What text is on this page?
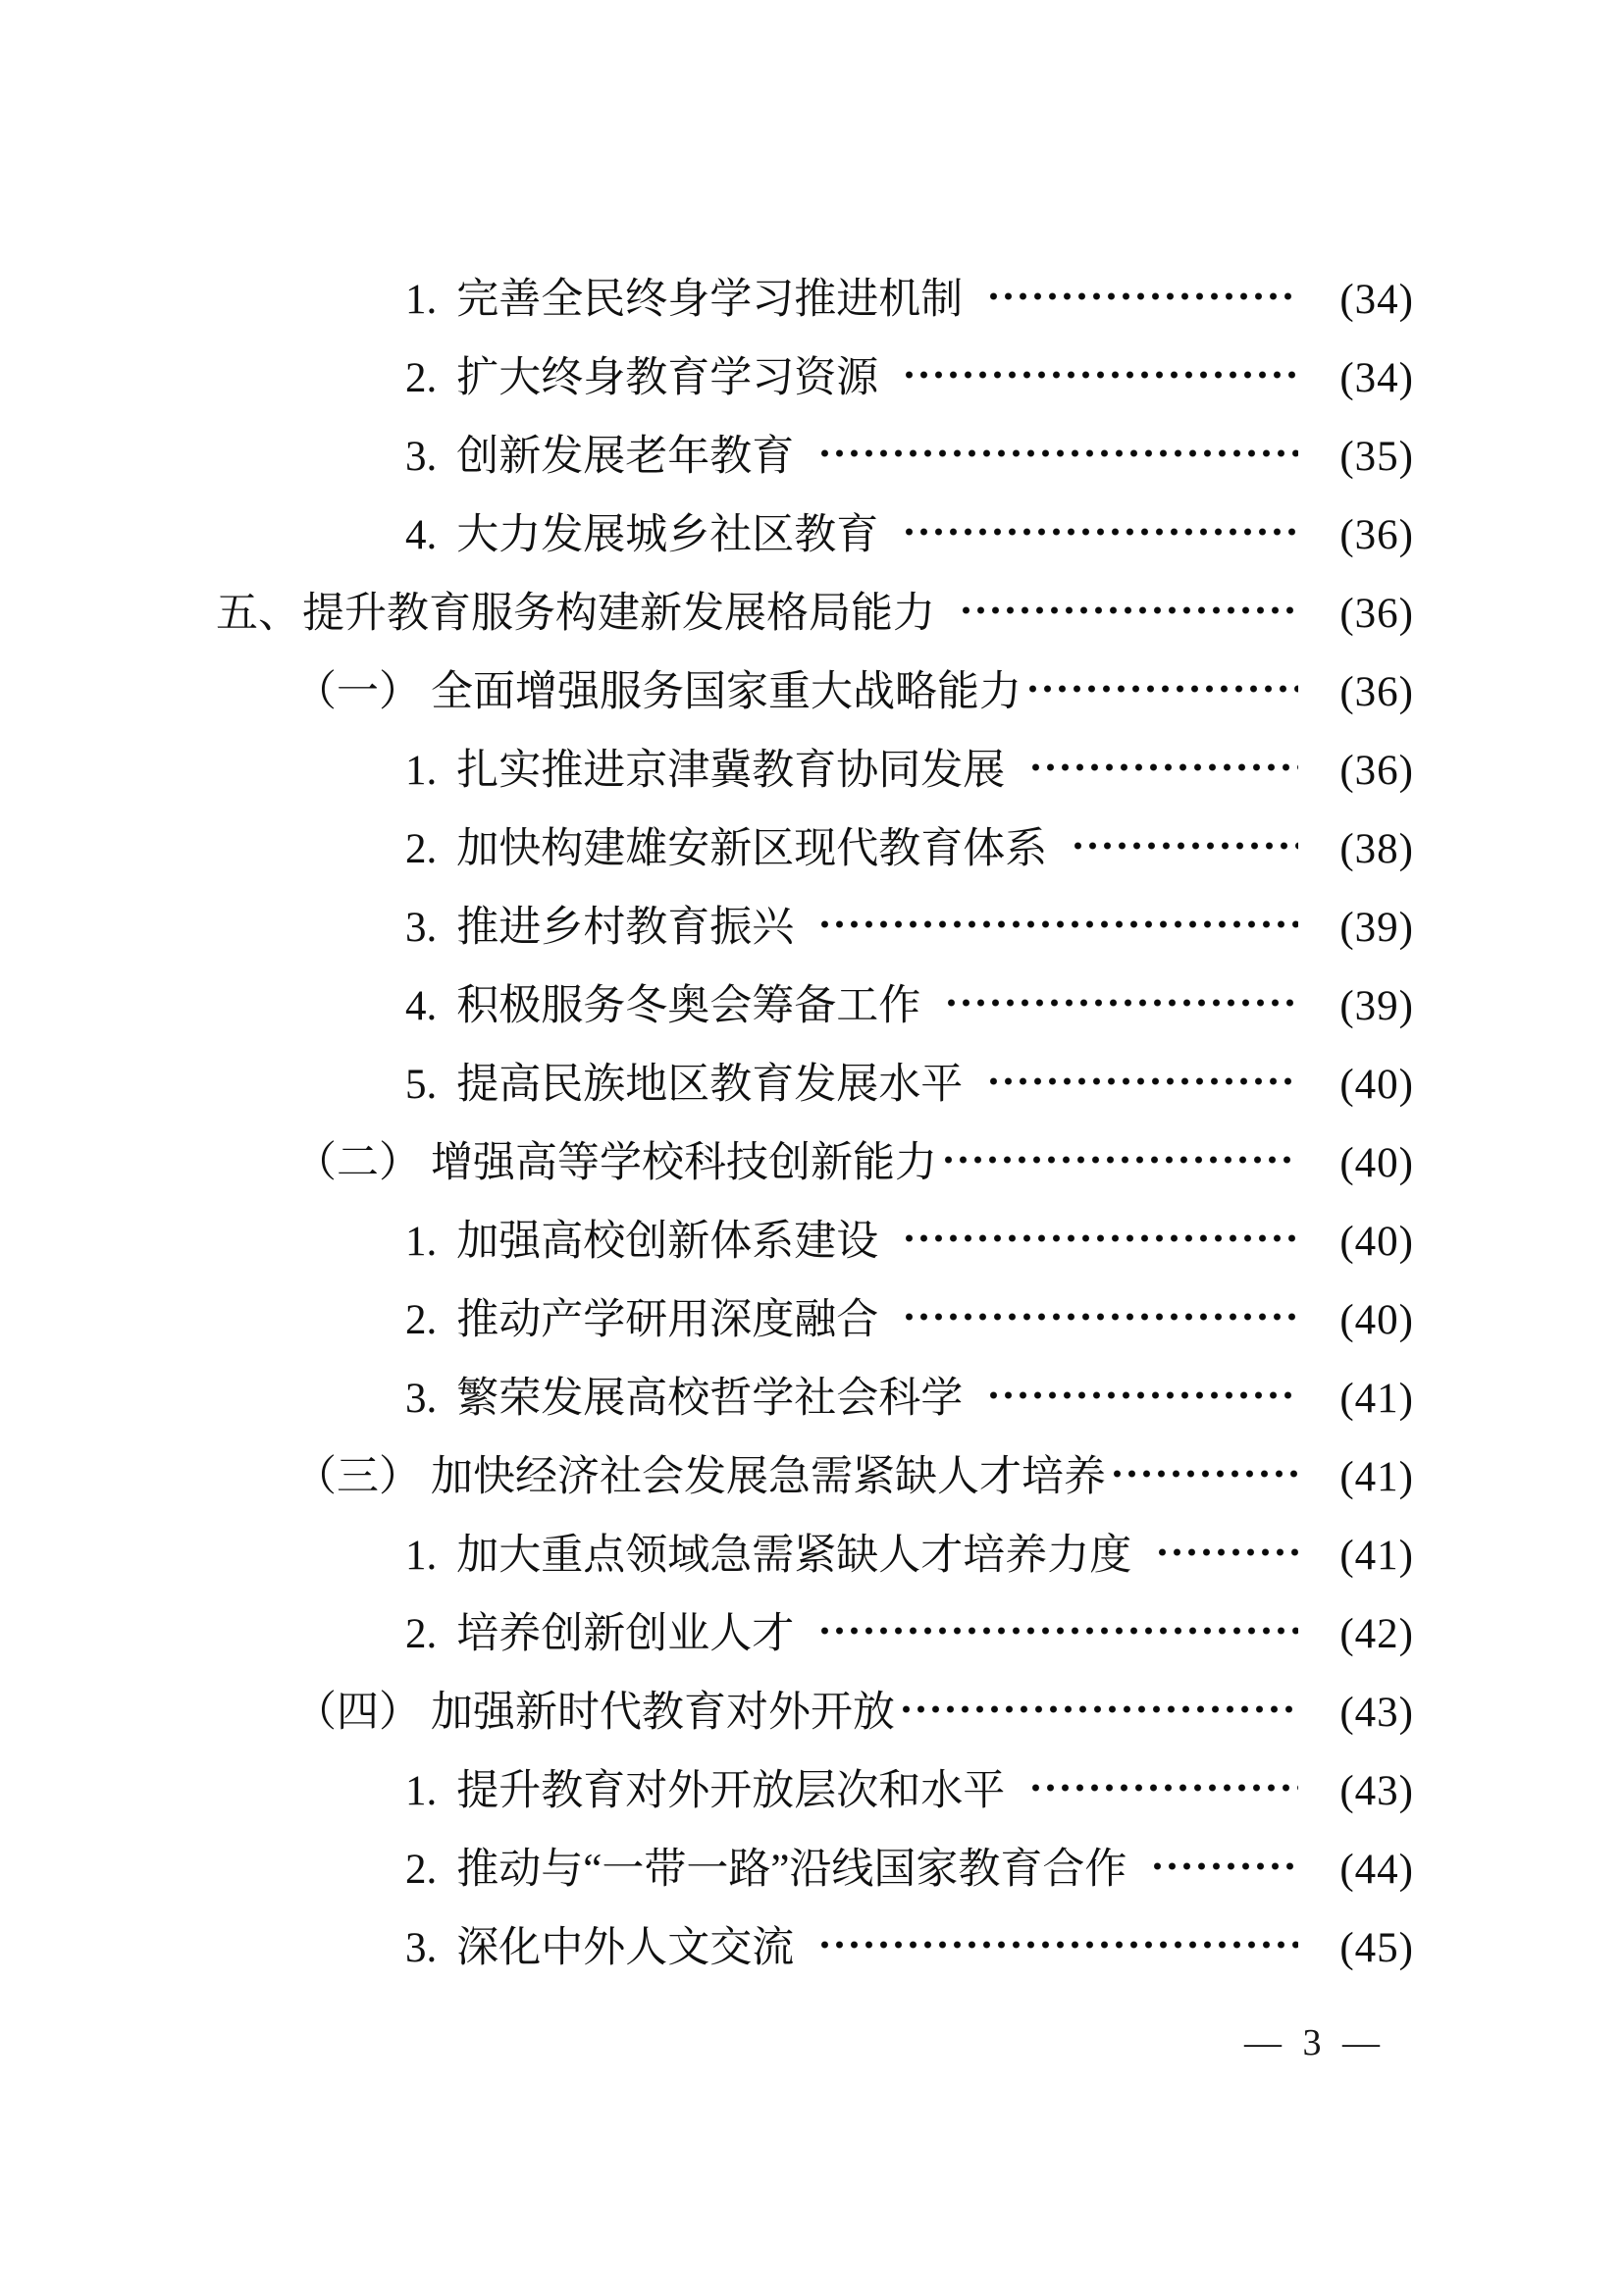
1. 完善全民终身学习推进机制	(34)
2. 扩大终身教育学习资源	(34)
3. 创新发展老年教育	(35)
4. 大力发展城乡社区教育	(36)
五、 提升教育服务构建新发展格局能力	(36)
（一） 全面增强服务国家重大战略能力	(36)
1. 扎实推进京津冀教育协同发展	(36)
2. 加快构建雄安新区现代教育体系	(38)
3. 推进乡村教育振兴	(39)
4. 积极服务冬奥会筹备工作	(39)
5. 提高民族地区教育发展水平	(40)
（二） 增强高等学校科技创新能力	(40)
1. 加强高校创新体系建设	(40)
2. 推动产学研用深度融合	(40)
3. 繁荣发展高校哲学社会科学	(41)
（三） 加快经济社会发展急需紧缺人才培养	(41)
1. 加大重点领域急需紧缺人才培养力度	(41)
2. 培养创新创业人才	(42)
（四） 加强新时代教育对外开放	(43)
1. 提升教育对外开放层次和水平	(43)
2. 推动与“一带一路”沿线国家教育合作	(44)
3. 深化中外人文交流	(45)
— 3 —
